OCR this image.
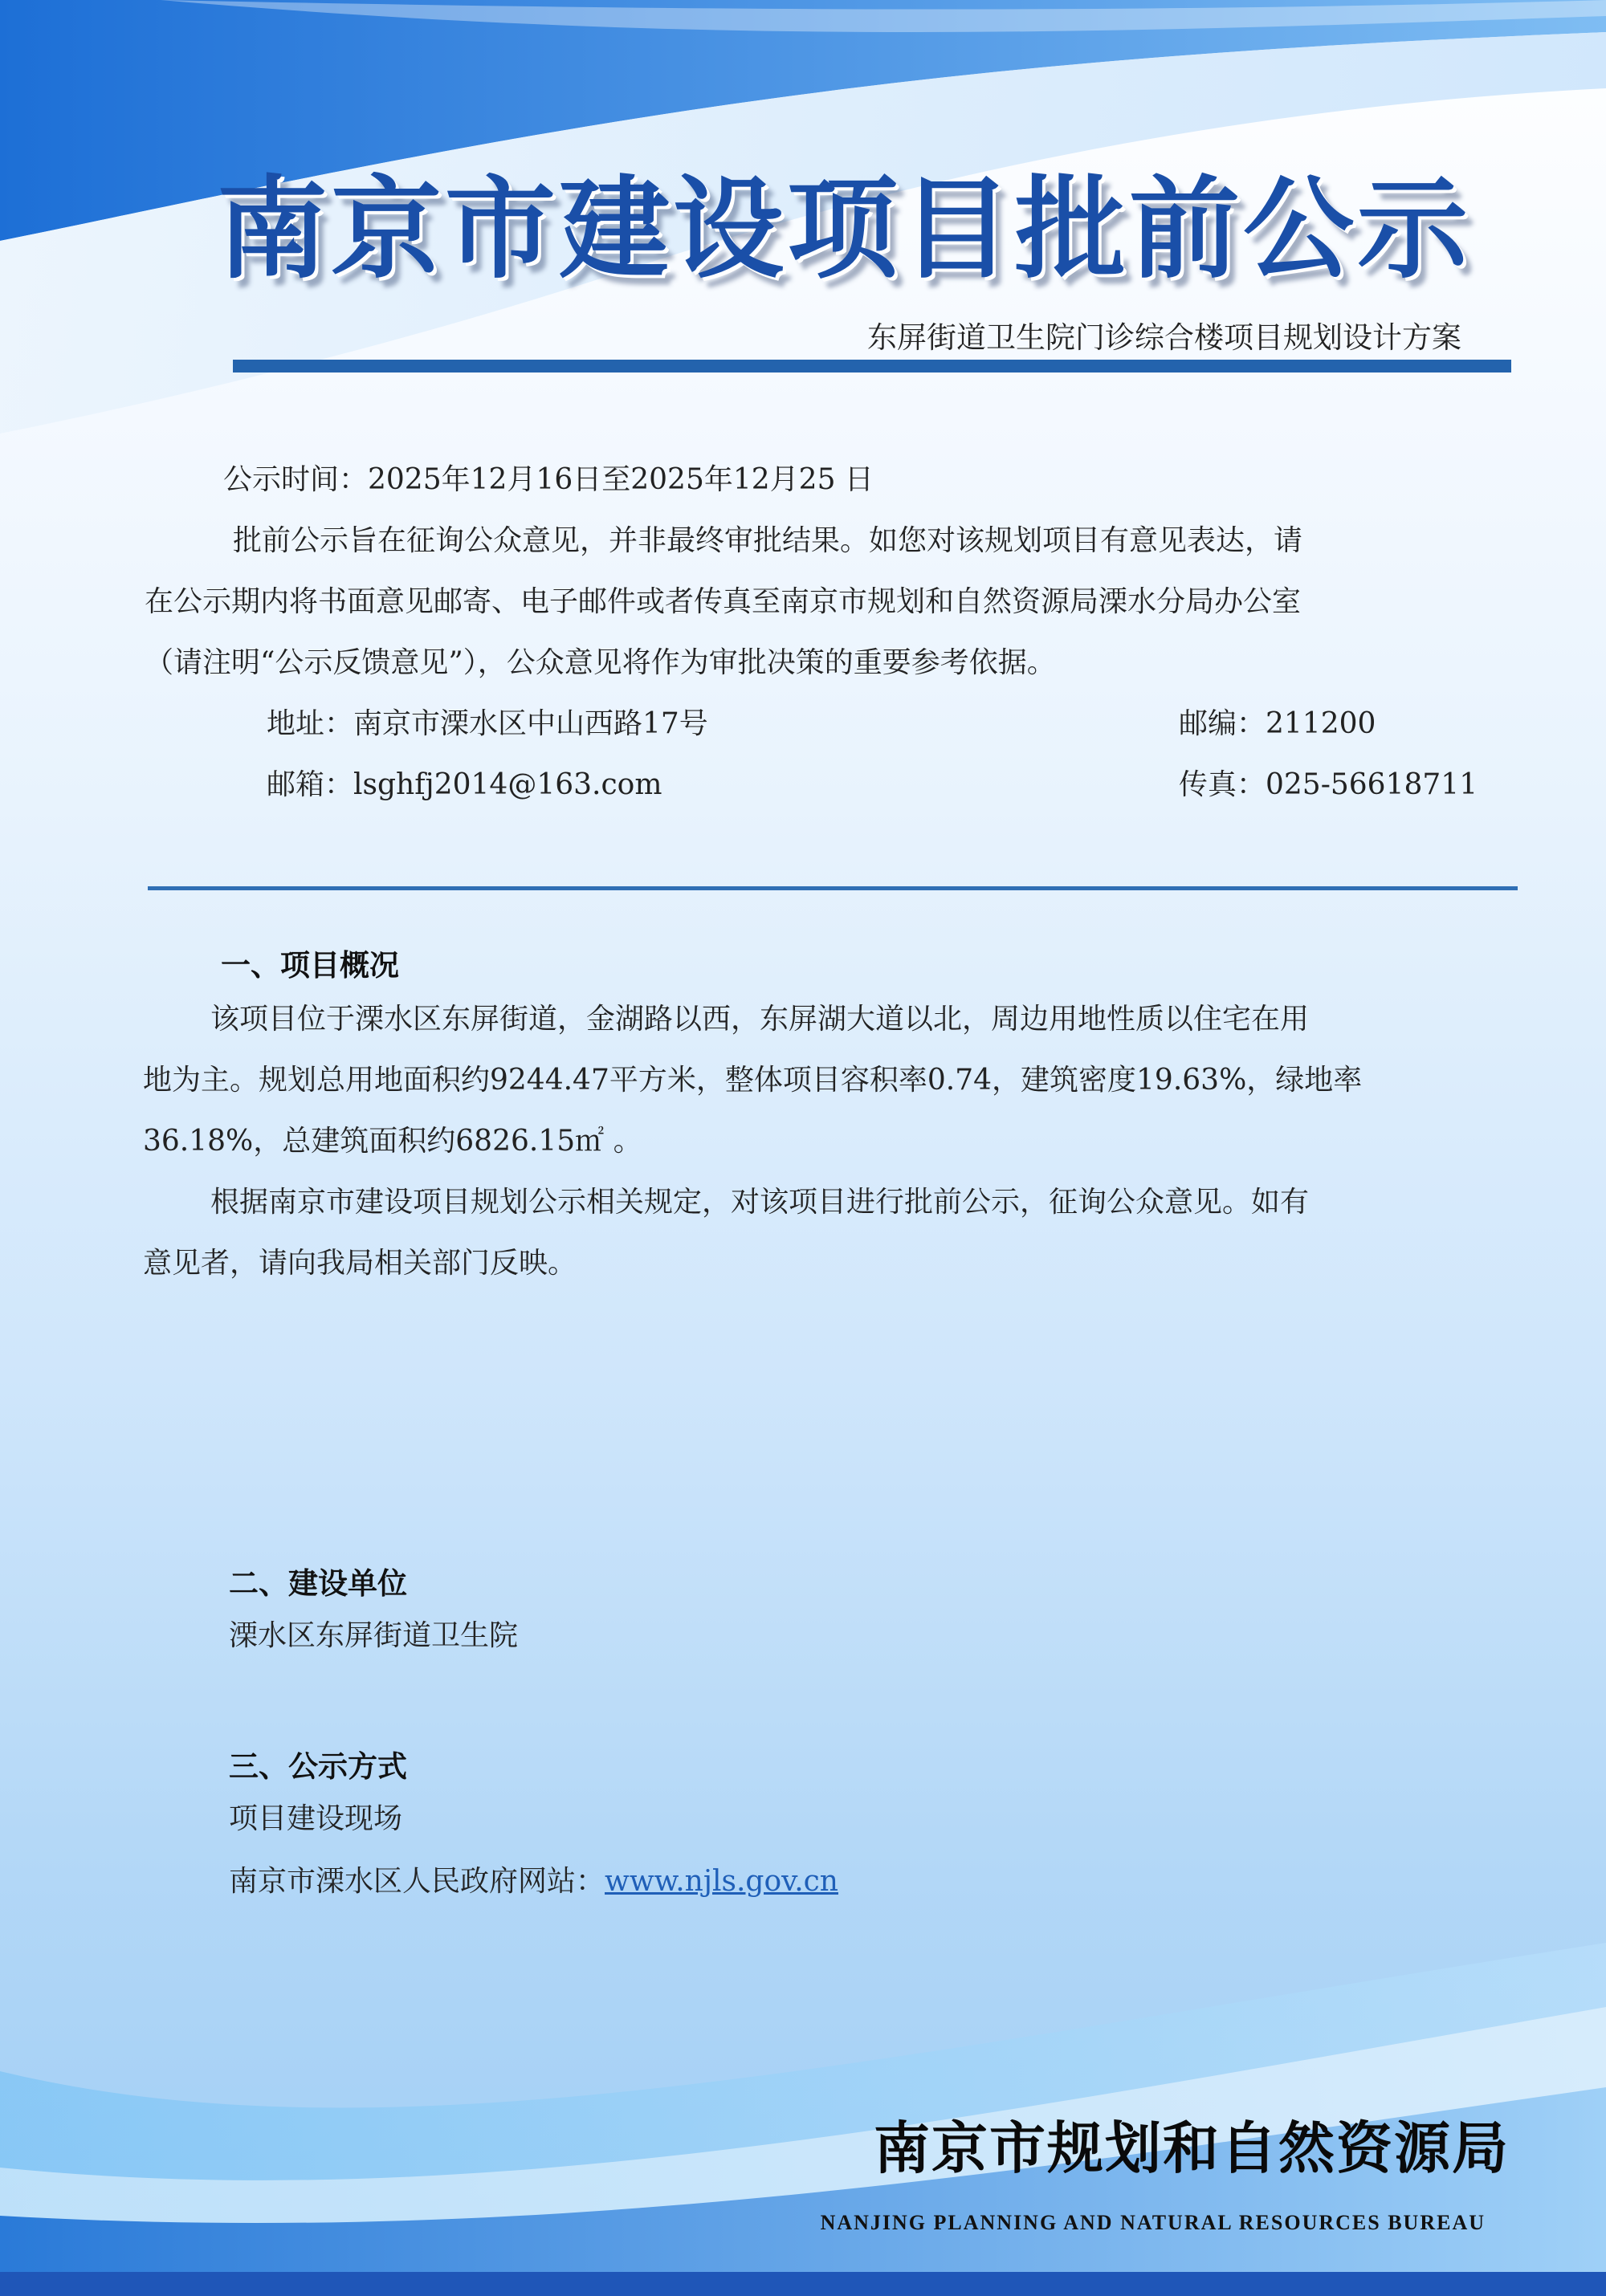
南京市建设项目批前公示
东屏街道卫生院门诊综合楼项目规划设计方案
公示时间：2025年12月16日至2025年12月25 日
批前公示旨在征询公众意见，并非最终审批结果。如您对该规划项目有意见表达，请
在公示期内将书面意见邮寄、电子邮件或者传真至南京市规划和自然资源局溧水分局办公室
（请注明“公示反馈意见”），公众意见将作为审批决策的重要参考依据。
地址：南京市溧水区中山西路17号	邮编：211200
邮箱：lsghfj2014@163.com	传真：025-56618711
一、项目概况
该项目位于溧水区东屏街道，金湖路以西，东屏湖大道以北，周边用地性质以住宅在用
地为主。规划总用地面积约9244.47平方米，整体项目容积率0.74，建筑密度19.63%，绿地率
36.18%，总建筑面积约6826.15㎡ 。
根据南京市建设项目规划公示相关规定，对该项目进行批前公示，征询公众意见。如有
意见者，请向我局相关部门反映。
二、建设单位
溧水区东屏街道卫生院
三、公示方式
项目建设现场
南京市溧水区人民政府网站：www.njls.gov.cn
南京市规划和自然资源局
NANJING PLANNING AND NATURAL RESOURCES BUREAU
